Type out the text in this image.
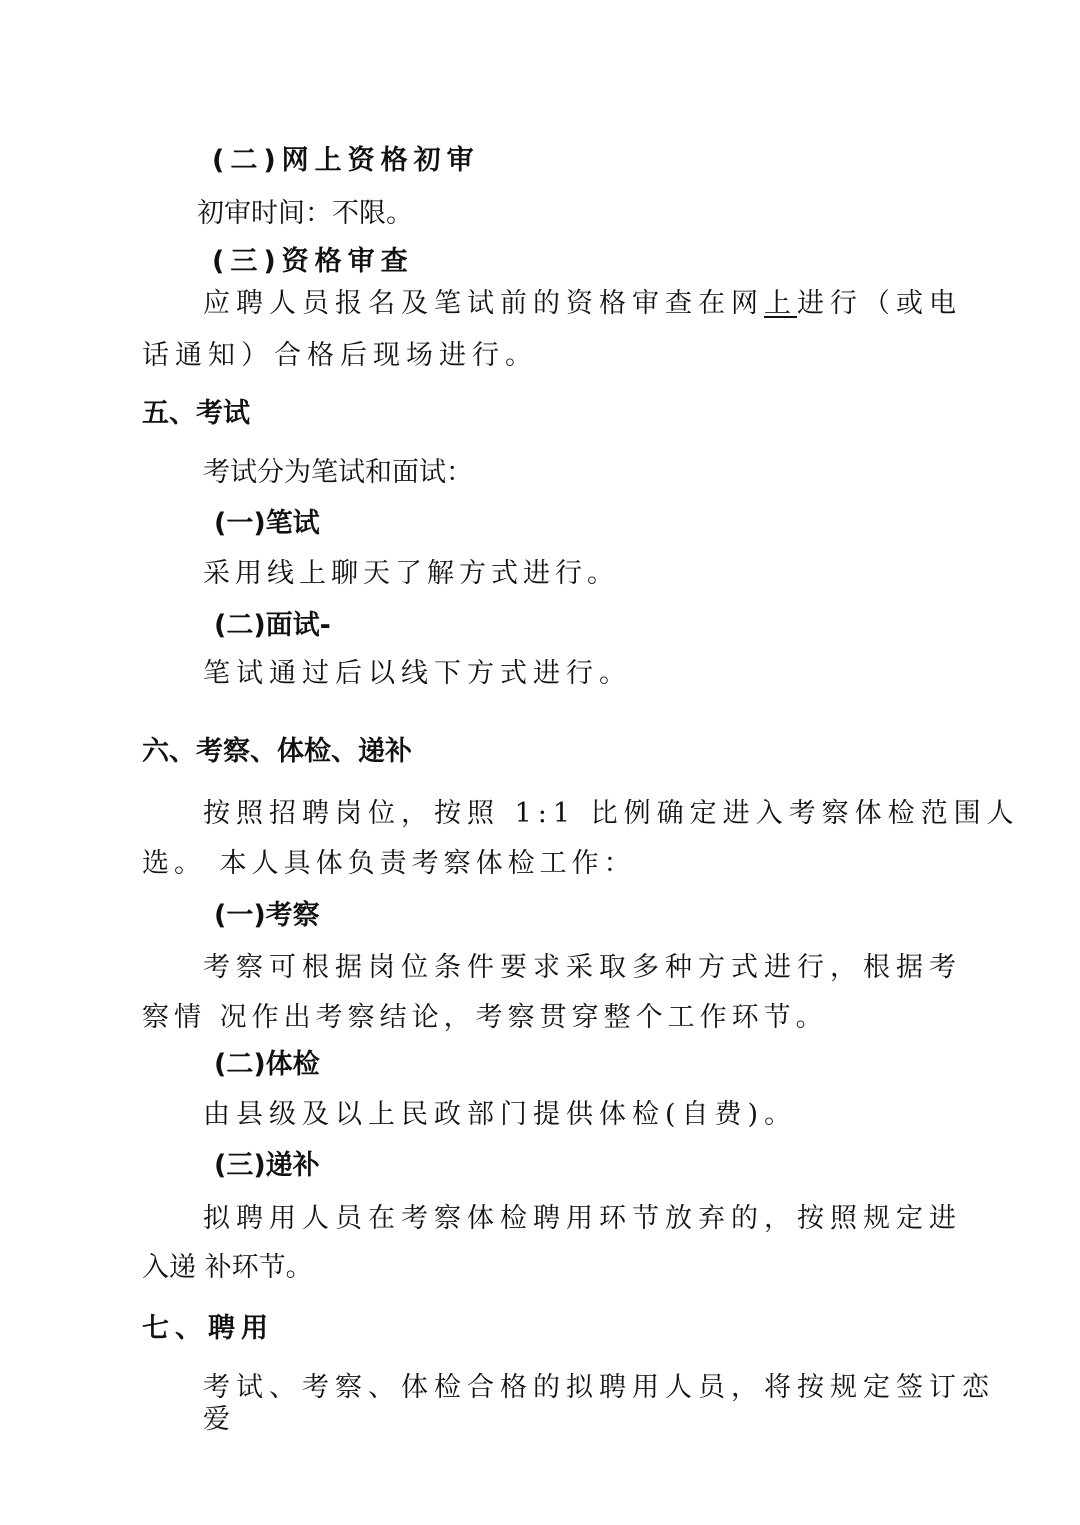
(二)网上资格初审
初审时间：不限。
(三)资格审查
应聘人员报名及笔试前的资格审查在网上进行（或电
话通知）合格后现场进行。
五、考试
考试分为笔试和面试：
(一)笔试
采用线上聊天了解方式进行。
(二)面试-
笔试通过后以线下方式进行。
六、考察、体检、递补
按照招聘岗位，按照 1:1 比例确定进入考察体检范围人
选。 本人具体负责考察体检工作：
(一)考察
考察可根据岗位条件要求采取多种方式进行，根据考
察情 况作出考察结论，考察贯穿整个工作环节。
(二)体检
由县级及以上民政部门提供体检(自费)。
(三)递补
拟聘用人员在考察体检聘用环节放弃的，按照规定进
入递 补环节。
七、聘用
考试、考察、体检合格的拟聘用人员，将按规定签订恋
爱
